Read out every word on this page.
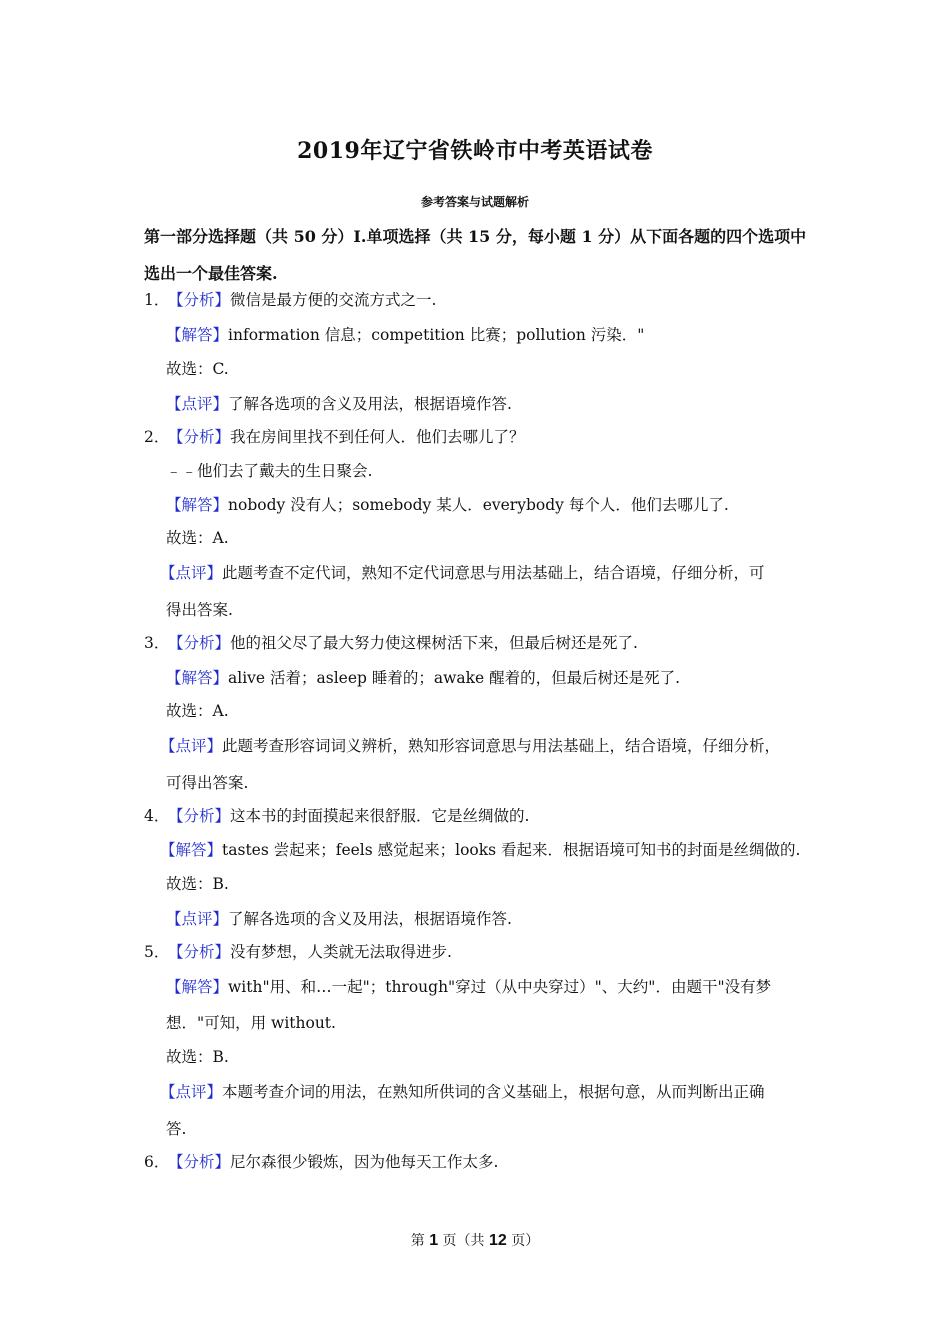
2019年辽宁省铁岭市中考英语试卷
参考答案与试题解析
第一部分选择题（共 50 分）I.单项选择（共 15 分，每小题 1 分）从下面各题的四个选项中
选出一个最佳答案.
1．【分析】微信是最方便的交流方式之一.
【解答】information 信息；competition 比赛；pollution 污染．"
故选：C.
【点评】了解各选项的含义及用法，根据语境作答.
2．【分析】我在房间里找不到任何人．他们去哪儿了？
﹣﹣他们去了戴夫的生日聚会.
【解答】nobody 没有人；somebody 某人．everybody 每个人．他们去哪儿了.
故选：A.
【点评】此题考查不定代词，熟知不定代词意思与用法基础上，结合语境，仔细分析，可
得出答案.
3．【分析】他的祖父尽了最大努力使这棵树活下来，但最后树还是死了.
【解答】alive 活着；asleep 睡着的；awake 醒着的，但最后树还是死了.
故选：A.
【点评】此题考查形容词词义辨析，熟知形容词意思与用法基础上，结合语境，仔细分析，
可得出答案.
4．【分析】这本书的封面摸起来很舒服．它是丝绸做的.
【解答】tastes 尝起来；feels 感觉起来；looks 看起来．根据语境可知书的封面是丝绸做的.
故选：B.
【点评】了解各选项的含义及用法，根据语境作答.
5．【分析】没有梦想，人类就无法取得进步.
【解答】with"用、和…一起"；through"穿过（从中央穿过）"、大约"．由题干"没有梦
想．"可知，用 without.
故选：B.
【点评】本题考查介词的用法，在熟知所供词的含义基础上，根据句意，从而判断出正确
答.
6．【分析】尼尔森很少锻炼，因为他每天工作太多.
第 1 页（共 12 页）
